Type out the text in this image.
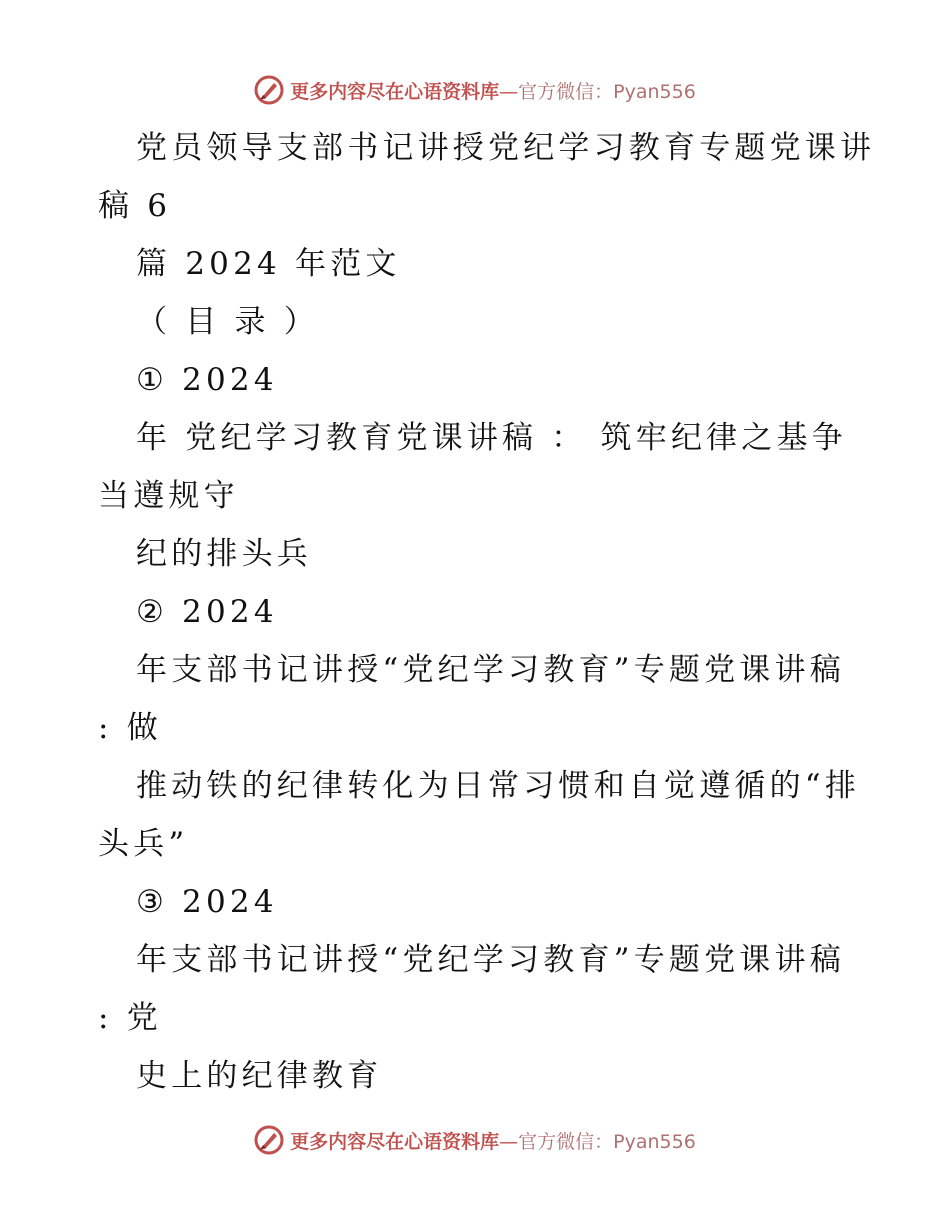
更多内容尽在心语资料库—官方微信：Pyan556
党员领导支部书记讲授党纪学习教育专题党课讲
稿 6
篇 2024 年范文
（ 目 录 ）
① 2024
年 党纪学习教育党课讲稿 ： 筑牢纪律之基争
当遵规守
纪的排头兵
② 2024
年支部书记讲授“党纪学习教育”专题党课讲稿
: 做
推动铁的纪律转化为日常习惯和自觉遵循的“排
头兵”
③ 2024
年支部书记讲授“党纪学习教育”专题党课讲稿
: 党
史上的纪律教育
更多内容尽在心语资料库—官方微信：Pyan556
